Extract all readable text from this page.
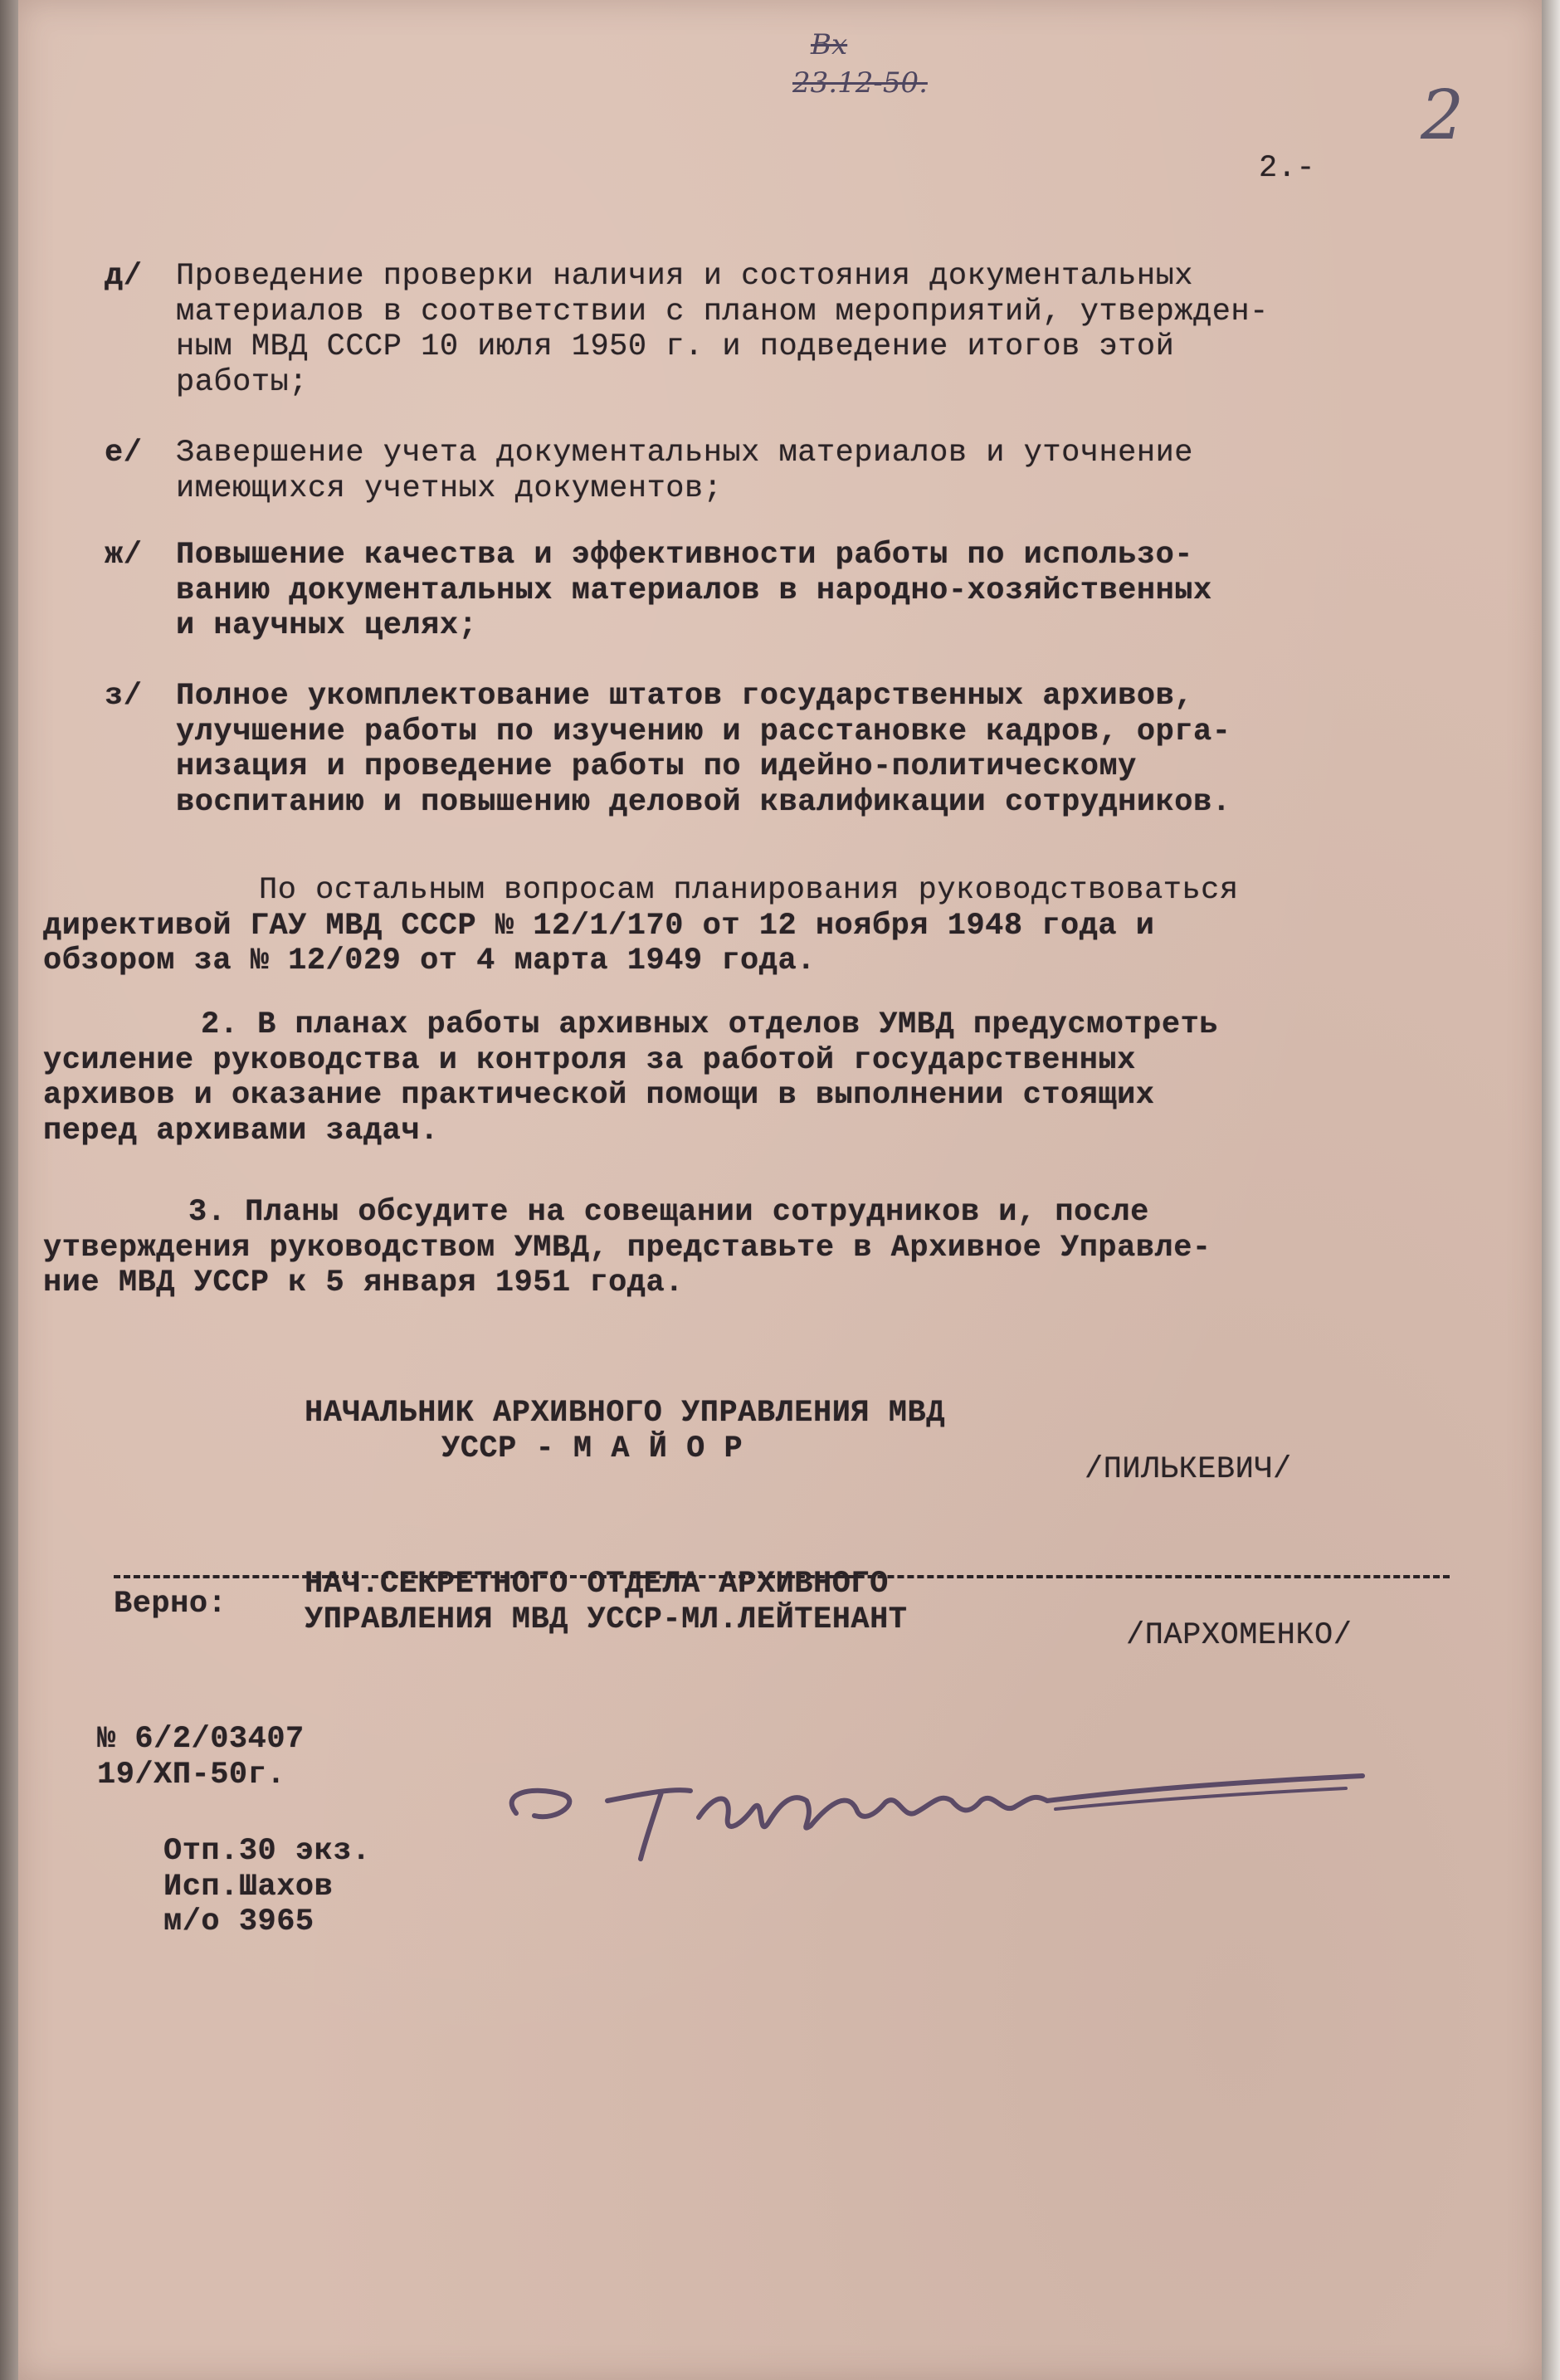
Вх
23.12-50.	2
2.-
д/ Проведение проверки наличия и состояния документальных
материалов в соответствии с планом мероприятий, утвержден-
ным МВД СССР 10 июля 1950 г. и подведение итогов этой
работы;
е/ Завершение учета документальных материалов и уточнение
имеющихся учетных документов;
ж/ Повышение качества и эффективности работы по использо-
ванию документальных материалов в народно-хозяйственных
и научных целях;
з/ Полное укомплектование штатов государственных архивов,
улучшение работы по изучению и расстановке кадров, орга-
низация и проведение работы по идейно-политическому
воспитанию и повышению деловой квалификации сотрудников.
По остальным вопросам планирования руководствоваться
директивой ГАУ МВД СССР № 12/1/170 от 12 ноября 1948 года и
обзором за № 12/029 от 4 марта 1949 года.
2. В планах работы архивных отделов УМВД предусмотреть
усиление руководства и контроля за работой государственных
архивов и оказание практической помощи в выполнении стоящих
перед архивами задач.
3. Планы обсудите на совещании сотрудников и, после
утверждения руководством УМВД, представьте в Архивное Управле-
ние МВД УССР к 5 января 1951 года.
НАЧАЛЬНИК АРХИВНОГО УПРАВЛЕНИЯ МВД
УССР - М А Й О Р
/ПИЛЬКЕВИЧ/
Верно:
НАЧ.СЕКРЕТНОГО ОТДЕЛА АРХИВНОГО
УПРАВЛЕНИЯ МВД УССР-МЛ.ЛЕЙТЕНАНТ	/ПАРХОМЕНКО/
№ 6/2/03407
19/ХП-50г.
Отп.30 экз.
Исп.Шахов
м/о 3965
